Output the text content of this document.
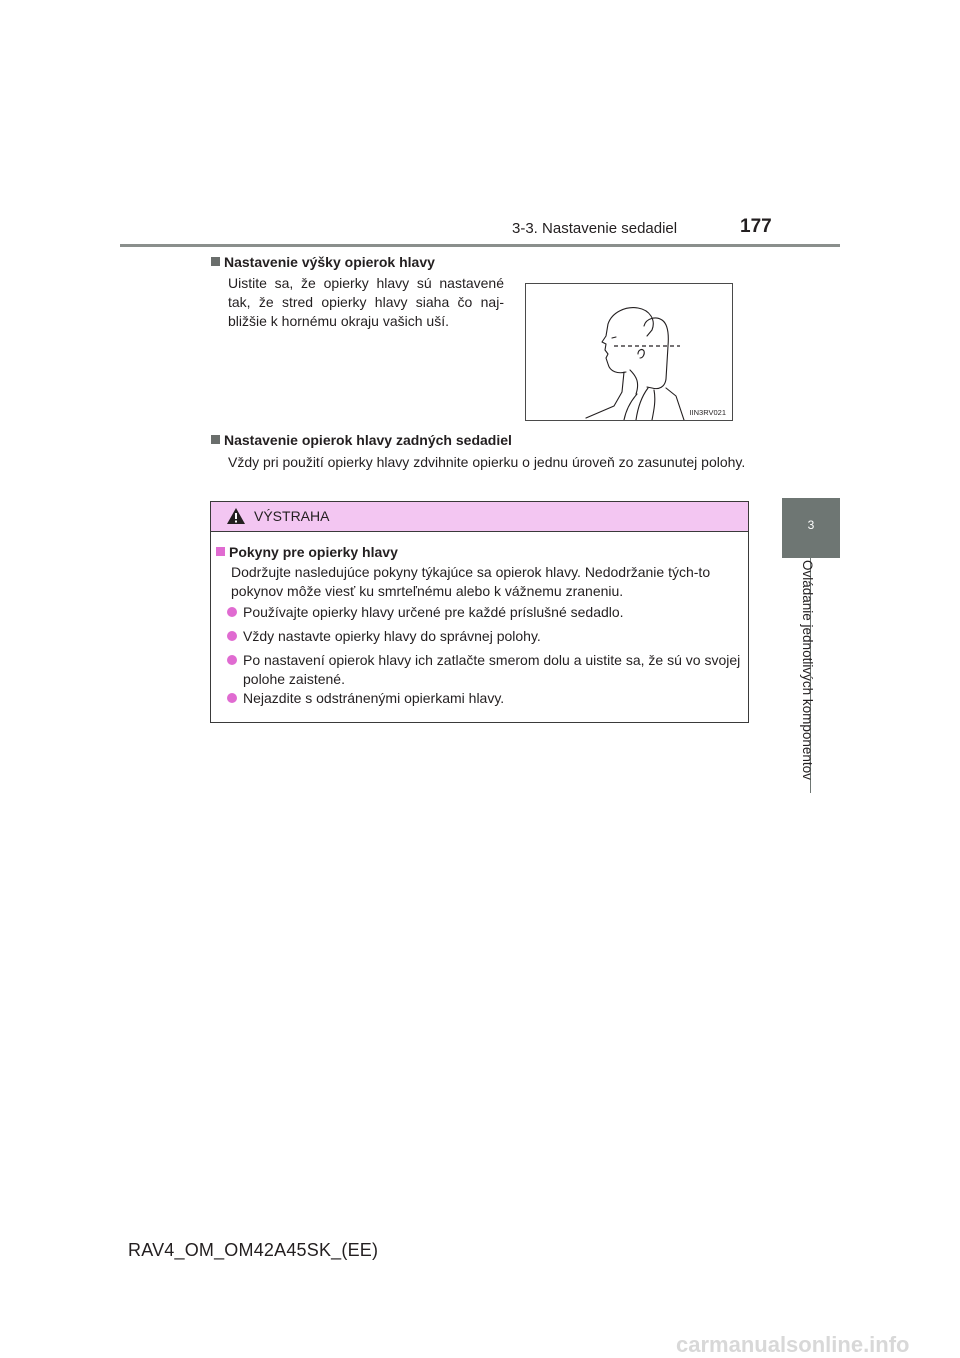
3-3. Nastavenie sedadiel	177
3
Ovládanie jednotlivých komponentov
Nastavenie výšky opierok hlavy
Uistite sa, že opierky hlavy sú nastavené tak, že stred opierky hlavy siaha čo naj-bližšie k hornému okraju vašich uší.
IIN3RV021
Nastavenie opierok hlavy zadných sedadiel
Vždy pri použití opierky hlavy zdvihnite opierku o jednu úroveň zo zasunutej polohy.
VÝSTRAHA
Pokyny pre opierky hlavy
Dodržujte nasledujúce pokyny týkajúce sa opierok hlavy. Nedodržanie tých-to pokynov môže viesť ku smrteľnému alebo k vážnemu zraneniu.
Používajte opierky hlavy určené pre každé príslušné sedadlo.
Vždy nastavte opierky hlavy do správnej polohy.
Po nastavení opierok hlavy ich zatlačte smerom dolu a uistite sa, že sú vo svojej polohe zaistené.
Nejazdite s odstránenými opierkami hlavy.
RAV4_OM_OM42A45SK_(EE)
carmanualsonline.info
